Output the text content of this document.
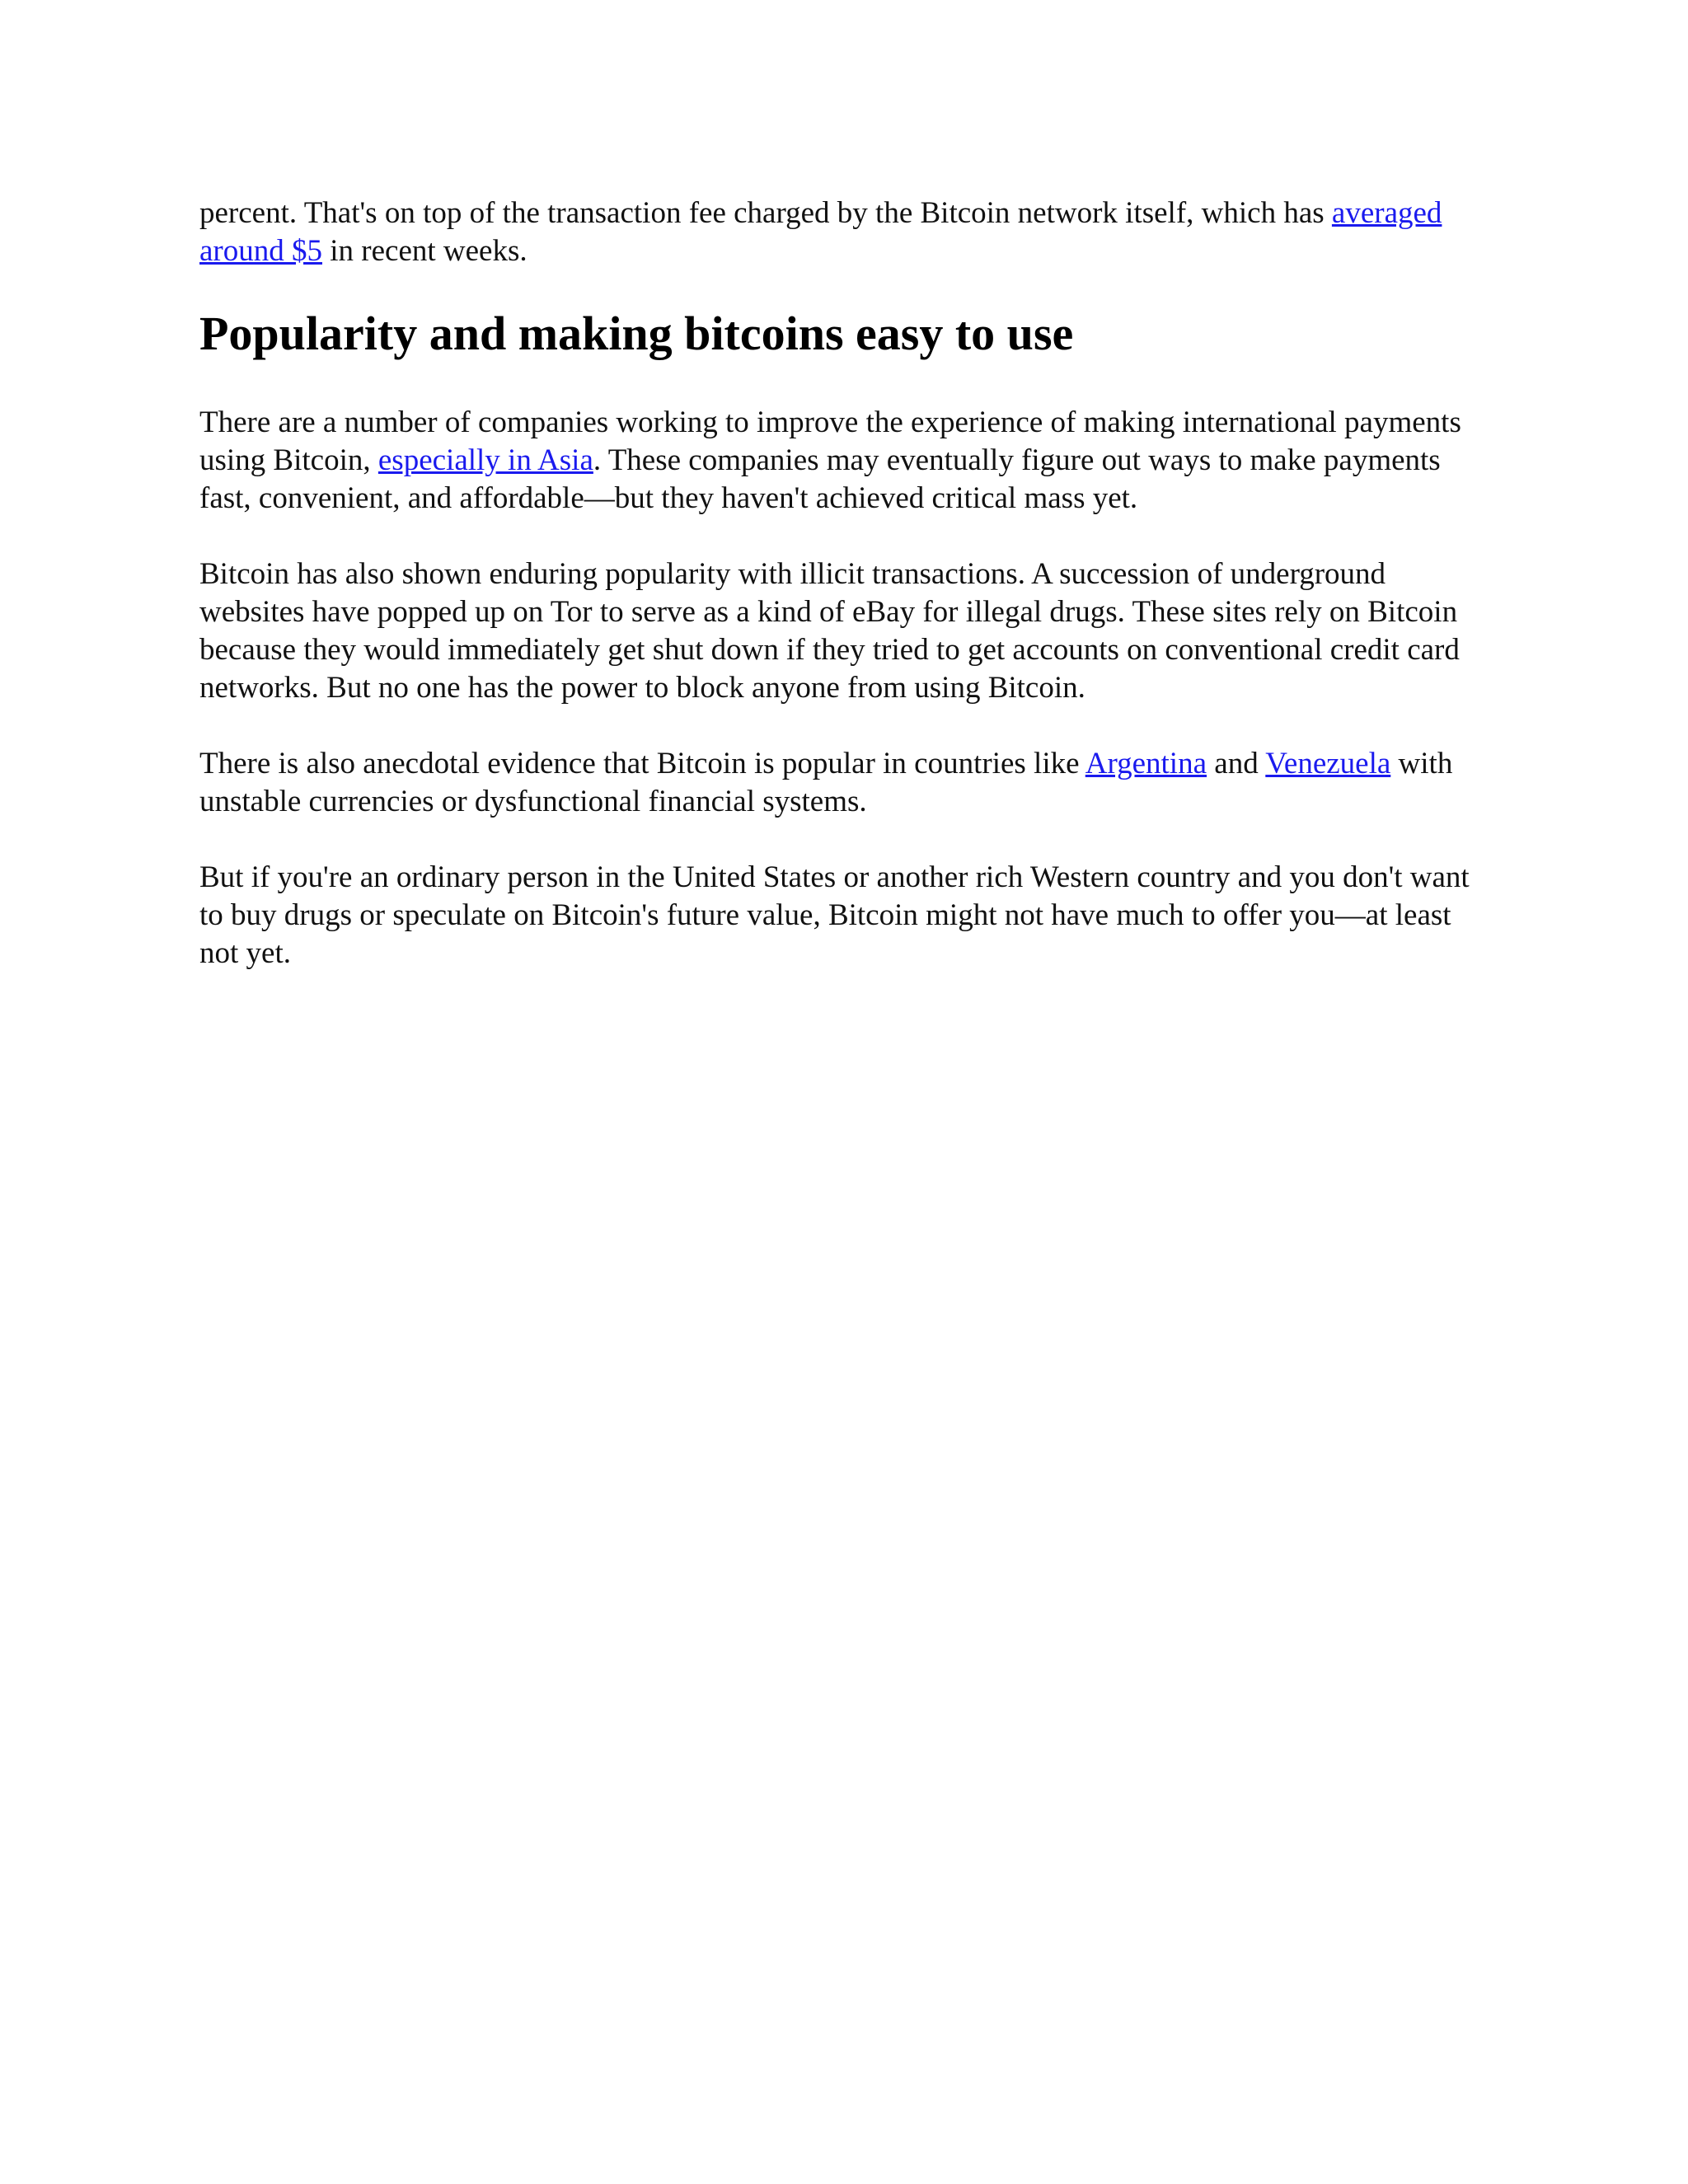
percent. That's on top of the transaction fee charged by the Bitcoin network itself, which has averaged around $5 in recent weeks.

Popularity and making bitcoins easy to use

There are a number of companies working to improve the experience of making international payments using Bitcoin, especially in Asia. These companies may eventually figure out ways to make payments fast, convenient, and affordable—but they haven't achieved critical mass yet.

Bitcoin has also shown enduring popularity with illicit transactions. A succession of underground websites have popped up on Tor to serve as a kind of eBay for illegal drugs. These sites rely on Bitcoin because they would immediately get shut down if they tried to get accounts on conventional credit card networks. But no one has the power to block anyone from using Bitcoin.

There is also anecdotal evidence that Bitcoin is popular in countries like Argentina and Venezuela with unstable currencies or dysfunctional financial systems.

But if you're an ordinary person in the United States or another rich Western country and you don't want to buy drugs or speculate on Bitcoin's future value, Bitcoin might not have much to offer you—at least not yet.
